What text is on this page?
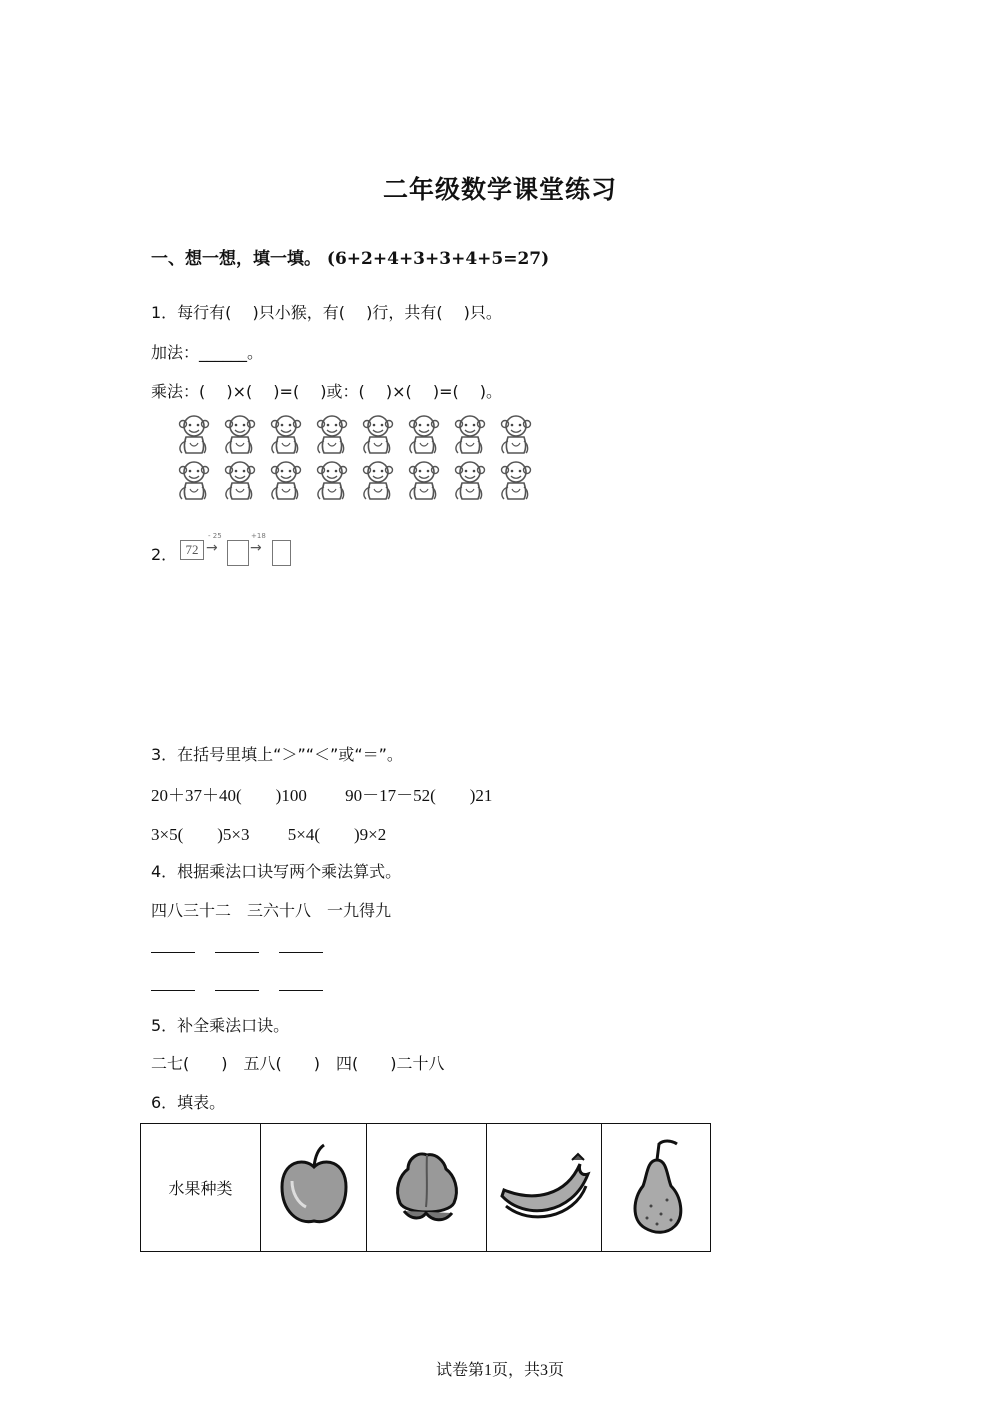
二年级数学课堂练习
一、想一想，填一填。 (6+2+4+3+3+4+5=27)
1．每行有(　 )只小猴，有(　 )行，共有(　 )只。
加法：______。
乘法：(　 )×(　 )=(　 )或：(　 )×(　 )=(　 )。
2． 72
- 25
→
+18
→
3．在括号里填上“＞”“＜”或“＝”。
20＋37＋40(　　)100　　 90－17－52(　　)21
3×5(　　)5×3　　 5×4(　　)9×2
4．根据乘法口诀写两个乘法算式。
四八三十二　三六十八　一九得九
5．补全乘法口诀。
二七(　　)　五八(　　)　四(　　)二十八
6．填表。
水果种类				
试卷第1页，共3页
